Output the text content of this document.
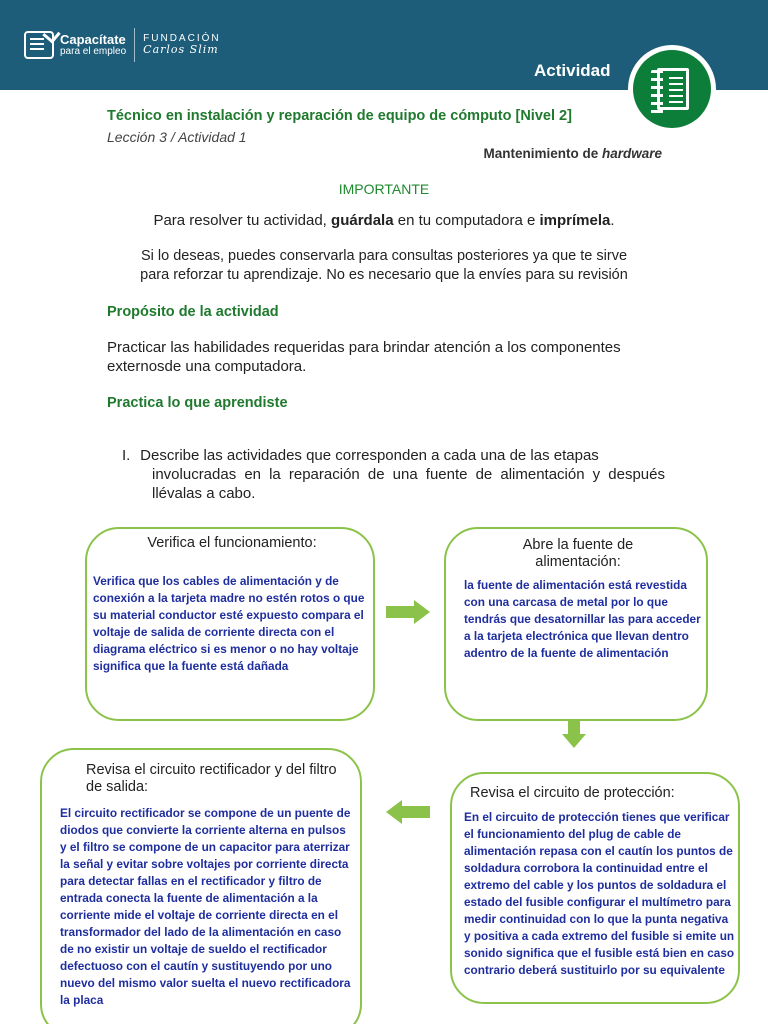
Capacítate
para el empleo
FUNDACIÓN
Carlos Slim
Actividad
Técnico en instalación y reparación de equipo de cómputo [Nivel 2]
Lección 3 / Actividad 1
Mantenimiento de hardware
IMPORTANTE
Para resolver tu actividad, guárdala en tu computadora e imprímela.
Si lo deseas, puedes conservarla para consultas posteriores ya que te sirve
para reforzar tu aprendizaje. No es necesario que la envíes para su revisión
Propósito de la actividad
Practicar las habilidades requeridas para brindar atención a los componentes externosde una computadora.
Practica lo que aprendiste
I. Describe las actividades que corresponden a cada una de las etapas
involucradas en la reparación de una fuente de alimentación y después llévalas a cabo.
Verifica el funcionamiento:
Verifica que los cables de alimentación y de conexión a la tarjeta madre no estén rotos o que su material conductor esté expuesto compara el voltaje de salida de corriente directa con el diagrama eléctrico si es menor o no hay voltaje significa que la fuente está dañada
Abre la fuente de alimentación:
la fuente de alimentación está revestida con una carcasa de metal por lo que tendrás que desatornillar las para acceder a la tarjeta electrónica que llevan dentro adentro de la fuente de alimentación
Revisa el circuito de protección:
En el circuito de protección tienes que verificar el funcionamiento del plug de cable de alimentación repasa con el cautín los puntos de soldadura corrobora la continuidad entre el extremo del cable y los puntos de soldadura el estado del fusible configurar el multímetro para medir continuidad con lo que la punta negativa y positiva a cada extremo del fusible si emite un sonido significa que el fusible está bien en caso contrario deberá sustituirlo por su equivalente
Revisa el circuito rectificador y del filtro de salida:
El circuito rectificador se compone de un puente de diodos que convierte la corriente alterna en pulsos y el filtro se compone de un capacitor para aterrizar la señal y evitar sobre voltajes por corriente directa para detectar fallas en el rectificador y filtro de entrada conecta la fuente de alimentación a la corriente mide el voltaje de corriente directa en el transformador del lado de la alimentación en caso de no existir un voltaje de sueldo el rectificador defectuoso con el cautín y sustituyendo por uno nuevo del mismo valor suelta el nuevo rectificadora la placa
